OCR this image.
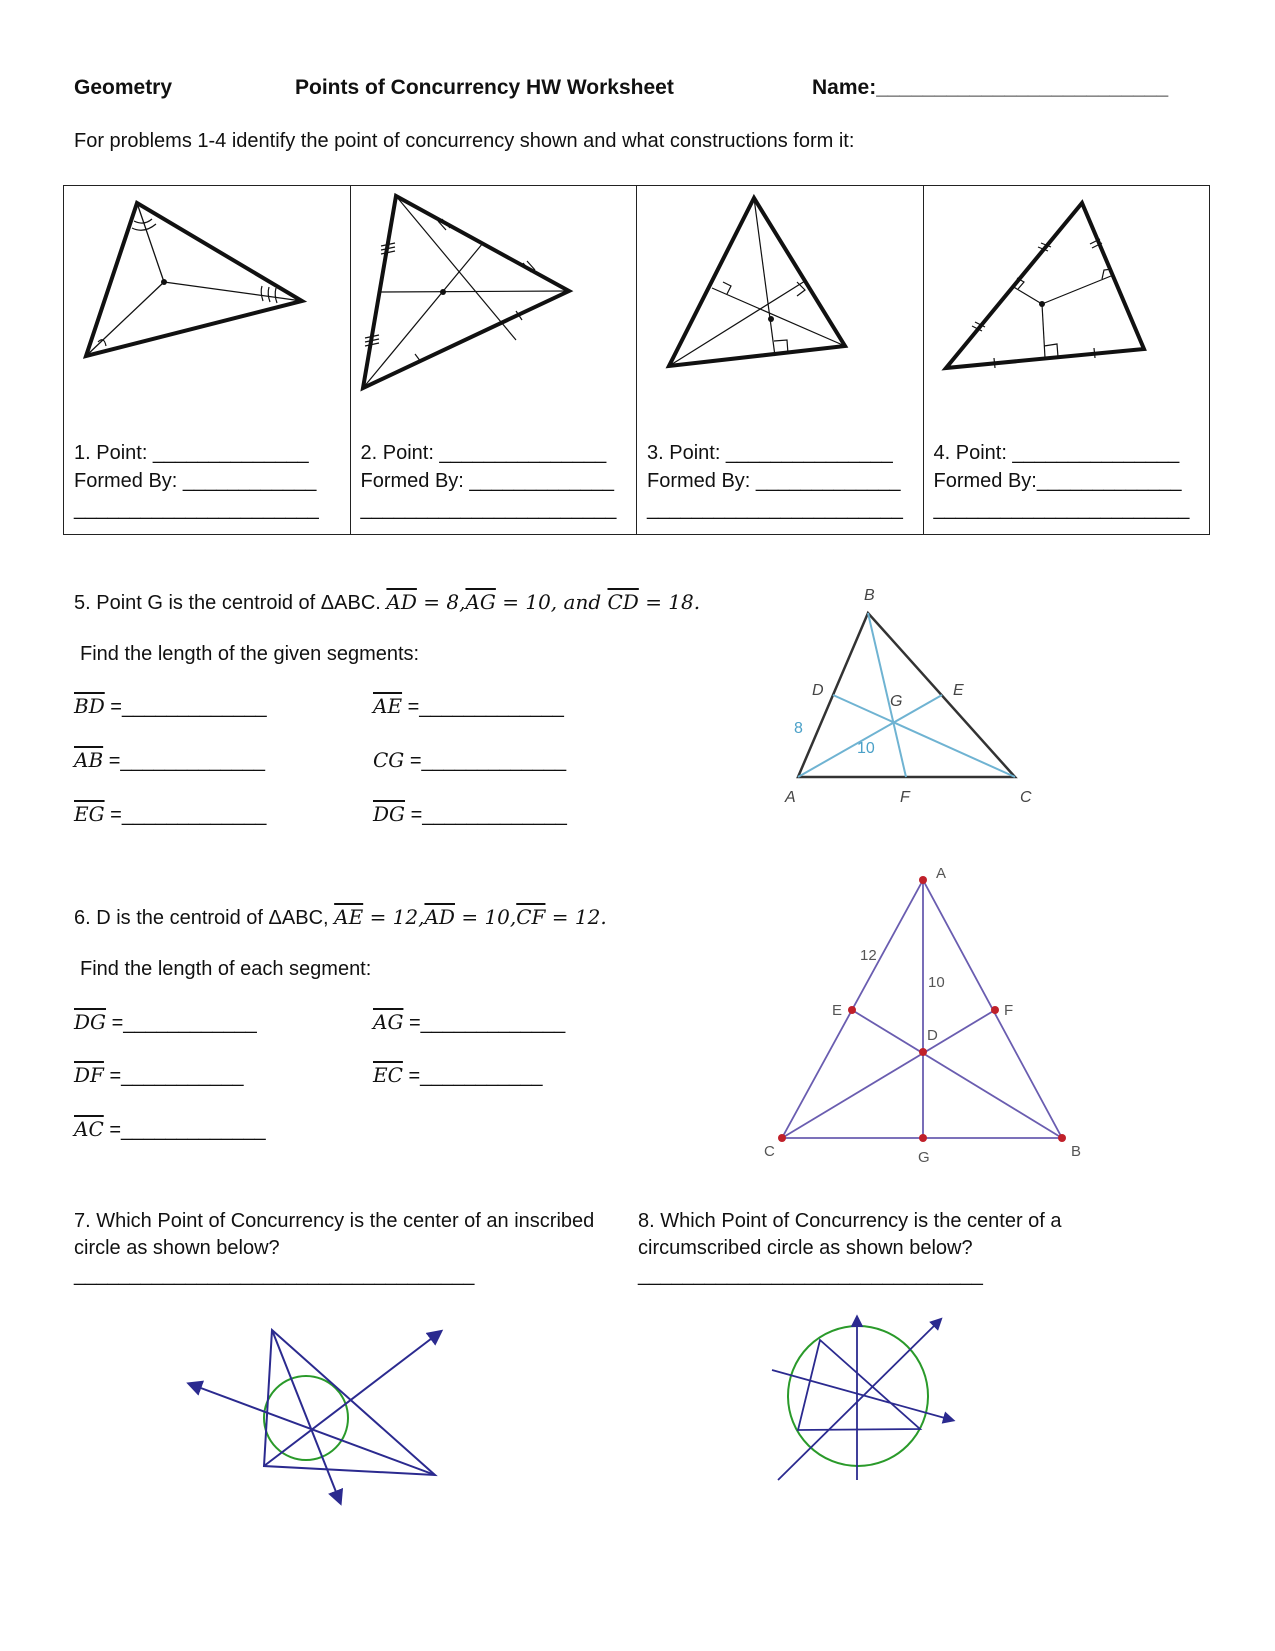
Geometry	Points of Concurrency HW Worksheet	Name:_________________________
For problems 1-4 identify the point of concurrency shown and what constructions form it:
1. Point: ______________
Formed By: ____________
______________________
2. Point: _______________
Formed By: _____________
_______________________
3. Point: _______________
Formed By: _____________
_______________________
4. Point: _______________
Formed By:_____________
_______________________
5. Point G is the centroid of ΔABC. $\overline{AD} = 8,\overline{AG} = 10$, and $\overline{CD} = 18$.
Find the length of the given segments:
$\overline{BD}$ =_____________	$\overline{AE}$ =_____________
$\overline{AB}$ =_____________	CG =_____________
$\overline{EG}$ =_____________	$\overline{DG}$ =_____________
B
A	C
D	E
F
G
8
10
6. D is the centroid of ΔABC, $\overline{AE} = 12,\overline{AD} = 10,\overline{CF} = 12$.
Find the length of each segment:
$\overline{DG}$ =____________	$\overline{AG}$ =_____________
$\overline{DF}$ =___________	$\overline{EC}$ =___________
$\overline{AC}$ =_____________
A
B
C
D
E	F
G
12
10
7. Which Point of Concurrency is the center of an inscribed
circle as shown below?
____________________________________
8. Which Point of Concurrency is the center of a
circumscribed circle as shown below?
_______________________________
